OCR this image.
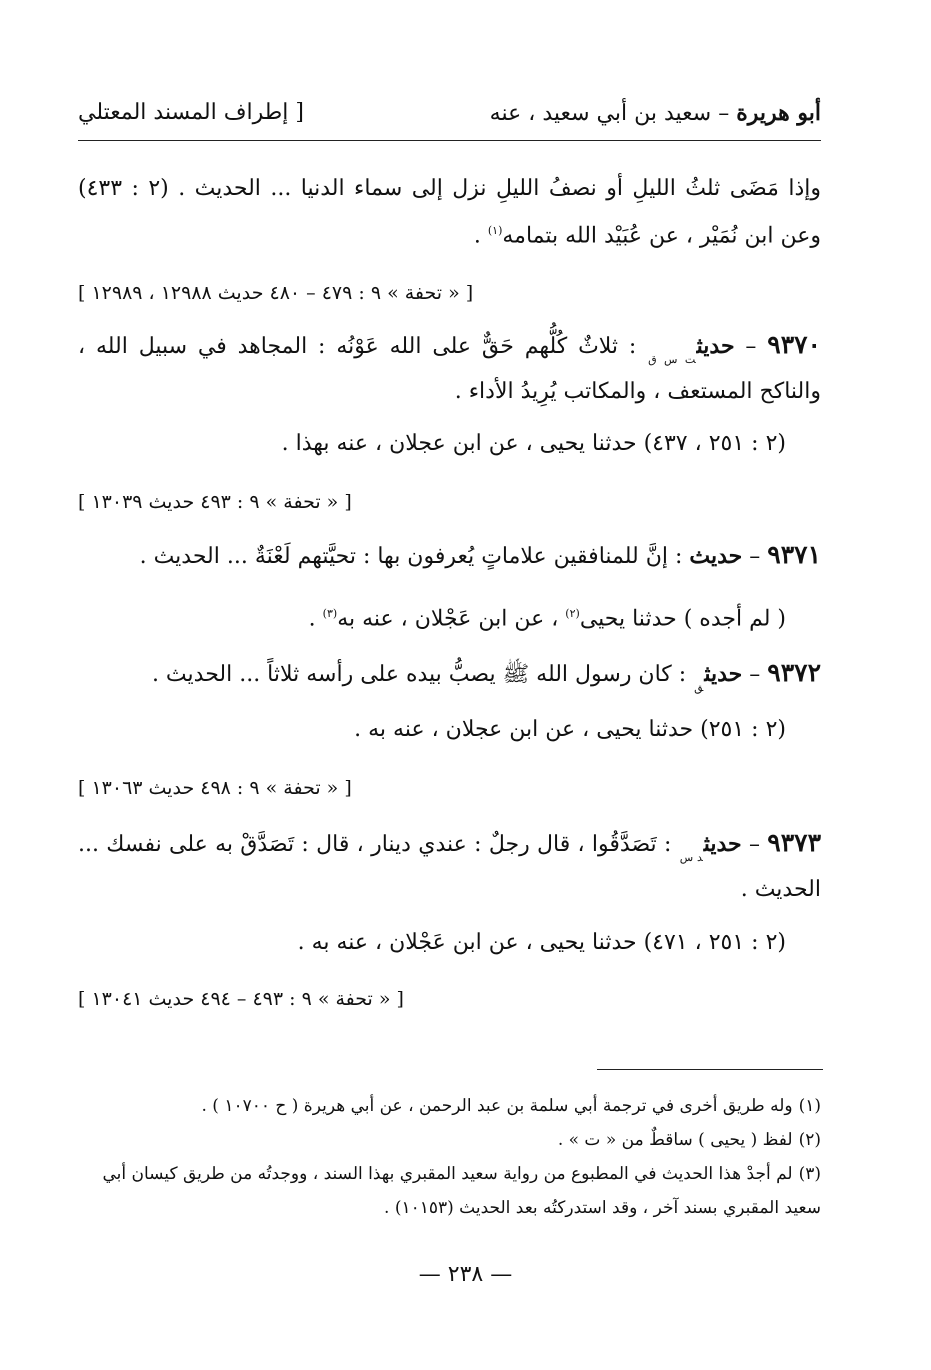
أبو هريرة – سعيد بن أبي سعيد ، عنه
[ إطراف المسند المعتلي
وإذا مَضَى ثلثُ الليلِ أو نصفُ الليلِ نزل إلى سماء الدنيا ... الحديث . (٢ : ٤٣٣) وعن ابن نُمَيْر ، عن عُبَيْد الله بتمامه$^{(١)}$ .
[ « تحفة » ٩ : ٤٧٩ – ٤٨٠ حديث ١٢٩٨٨ ، ١٢٩٨٩ ]
٩٣٧٠ – حديث$_{ت س ق}$ : ثلاثٌ كُلُّهم حَقٌّ على الله عَوْنُه : المجاهد في سبيل الله ، والناكح المستعف ، والمكاتب يُرِيدُ الأداء .
(٢ : ٢٥١ ، ٤٣٧) حدثنا يحيى ، عن ابن عجلان ، عنه بهذا .
[ « تحفة » ٩ : ٤٩٣ حديث ١٣٠٣٩ ]
٩٣٧١ – حديث : إنَّ للمنافقين علاماتٍ يُعرفون بها : تحيَّتهم لَعْنَةٌ ... الحديث .
( لم أجده ) حدثنا يحيى$^{(٢)}$ ، عن ابن عَجْلان ، عنه به$^{(٣)}$ .
٩٣٧٢ – حديث$_ق$ : كان رسول الله ﷺ يصبُّ بيده على رأسه ثلاثاً ... الحديث .
(٢ : ٢٥١) حدثنا يحيى ، عن ابن عجلان ، عنه به .
[ « تحفة » ٩ : ٤٩٨ حديث ١٣٠٦٣ ]
٩٣٧٣ – حديث$_{د س}$ : تَصَدَّقُوا ، قال رجلٌ : عندي دينار ، قال : تَصَدَّقْ به على نفسك ... الحديث .
(٢ : ٢٥١ ، ٤٧١) حدثنا يحيى ، عن ابن عَجْلان ، عنه به .
[ « تحفة » ٩ : ٤٩٣ – ٤٩٤ حديث ١٣٠٤١ ]
(١)وله طريق أخرى في ترجمة أبي سلمة بن عبد الرحمن ، عن أبي هريرة ( ح ١٠٧٠٠ ) .
(٢)لفظ ( يحيى ) ساقطٌ من « ت » .
(٣)لم أجدْ هذا الحديث في المطبوع من رواية سعيد المقبري بهذا السند ، ووجدتُه من طريق كيسان أبي سعيد المقبري بسند آخر ، وقد استدركتُه بعد الحديث (١٠١٥٣) .
— ٢٣٨ —
